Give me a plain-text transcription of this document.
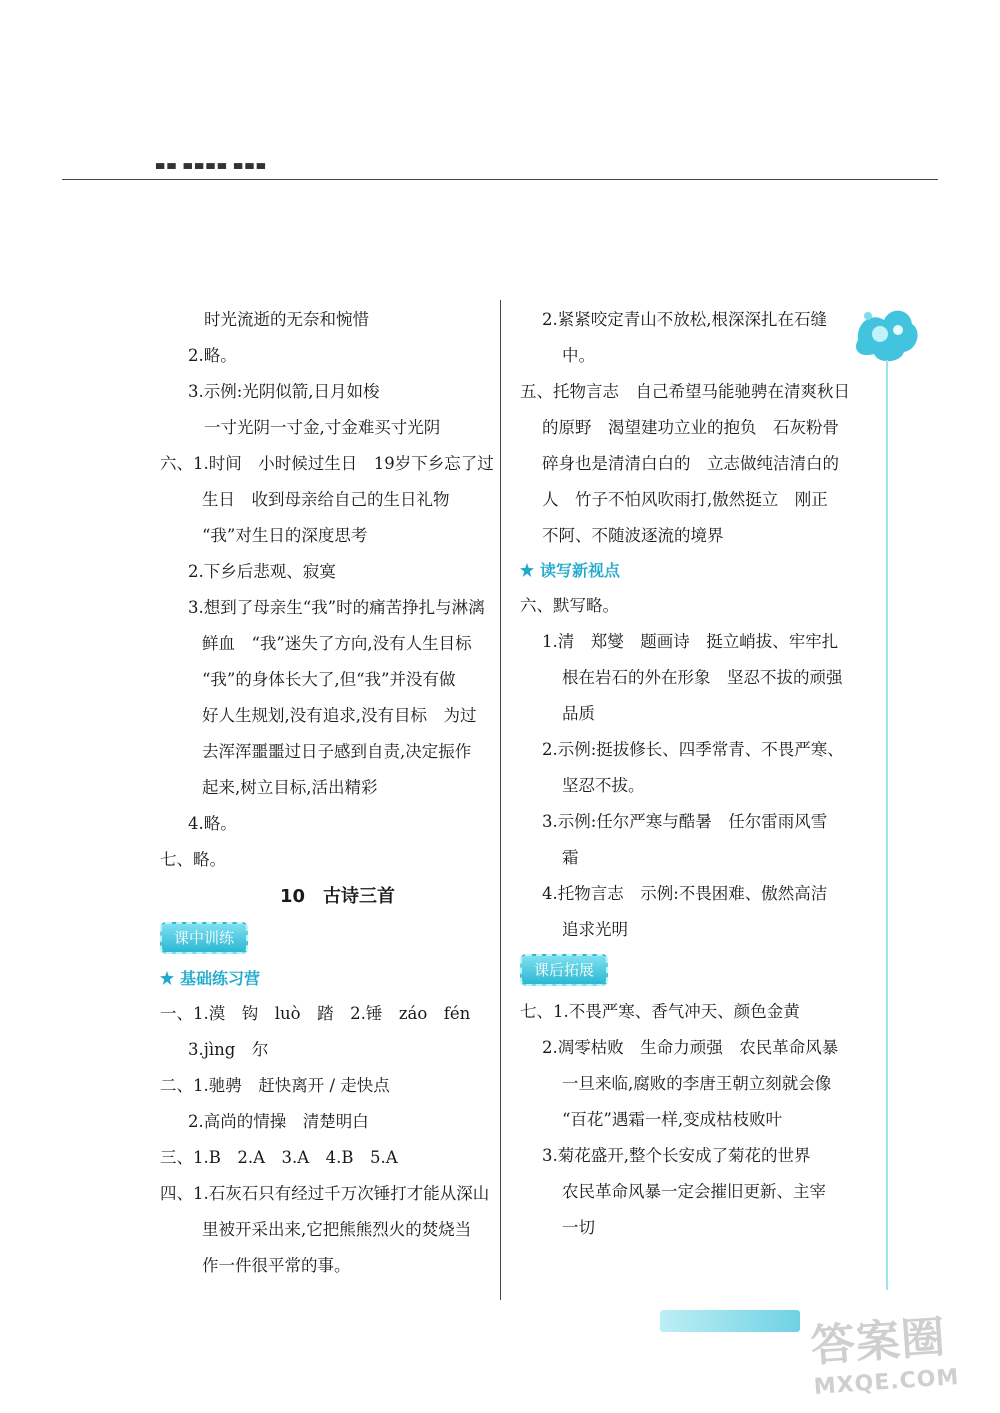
■■ ■■■■ ■■■
时光流逝的无奈和惋惜
2.略。
3.示例:光阴似箭,日月如梭
一寸光阴一寸金,寸金难买寸光阴
六、1.时间　小时候过生日　19岁下乡忘了过
生日　收到母亲给自己的生日礼物
“我”对生日的深度思考
2.下乡后悲观、寂寞
3.想到了母亲生“我”时的痛苦挣扎与淋漓
鲜血　“我”迷失了方向,没有人生目标
“我”的身体长大了,但“我”并没有做
好人生规划,没有追求,没有目标　为过
去浑浑噩噩过日子感到自责,决定振作
起来,树立目标,活出精彩
4.略。
七、略。
10　 古诗三首
课中训练
基础练习营
一、1.漠　钩　luò　踏　2.锤　záo　fén
3.jìng　尔
二、1.驰骋　赶快离开 / 走快点
2.高尚的情操　清楚明白
三、1.B　2.A　3.A　4.B　5.A
四、1.石灰石只有经过千万次锤打才能从深山
里被开采出来,它把熊熊烈火的焚烧当
作一件很平常的事。
2.紧紧咬定青山不放松,根深深扎在石缝
中。
五、托物言志　自己希望马能驰骋在清爽秋日
的原野　渴望建功立业的抱负　石灰粉骨
碎身也是清清白白的　立志做纯洁清白的
人　竹子不怕风吹雨打,傲然挺立　刚正
不阿、不随波逐流的境界
读写新视点
六、默写略。
1.清　郑燮　题画诗　挺立峭拔、牢牢扎
根在岩石的外在形象　坚忍不拔的顽强
品质
2.示例:挺拔修长、四季常青、不畏严寒、
坚忍不拔。
3.示例:任尔严寒与酷暑　任尔雷雨风雪
霜
4.托物言志　示例:不畏困难、傲然高洁
追求光明
课后拓展
七、1.不畏严寒、香气冲天、颜色金黄
2.凋零枯败　生命力顽强　农民革命风暴
一旦来临,腐败的李唐王朝立刻就会像
“百花”遇霜一样,变成枯枝败叶
3.菊花盛开,整个长安成了菊花的世界
农民革命风暴一定会摧旧更新、主宰
一切
答案圈
MXQE.COM
